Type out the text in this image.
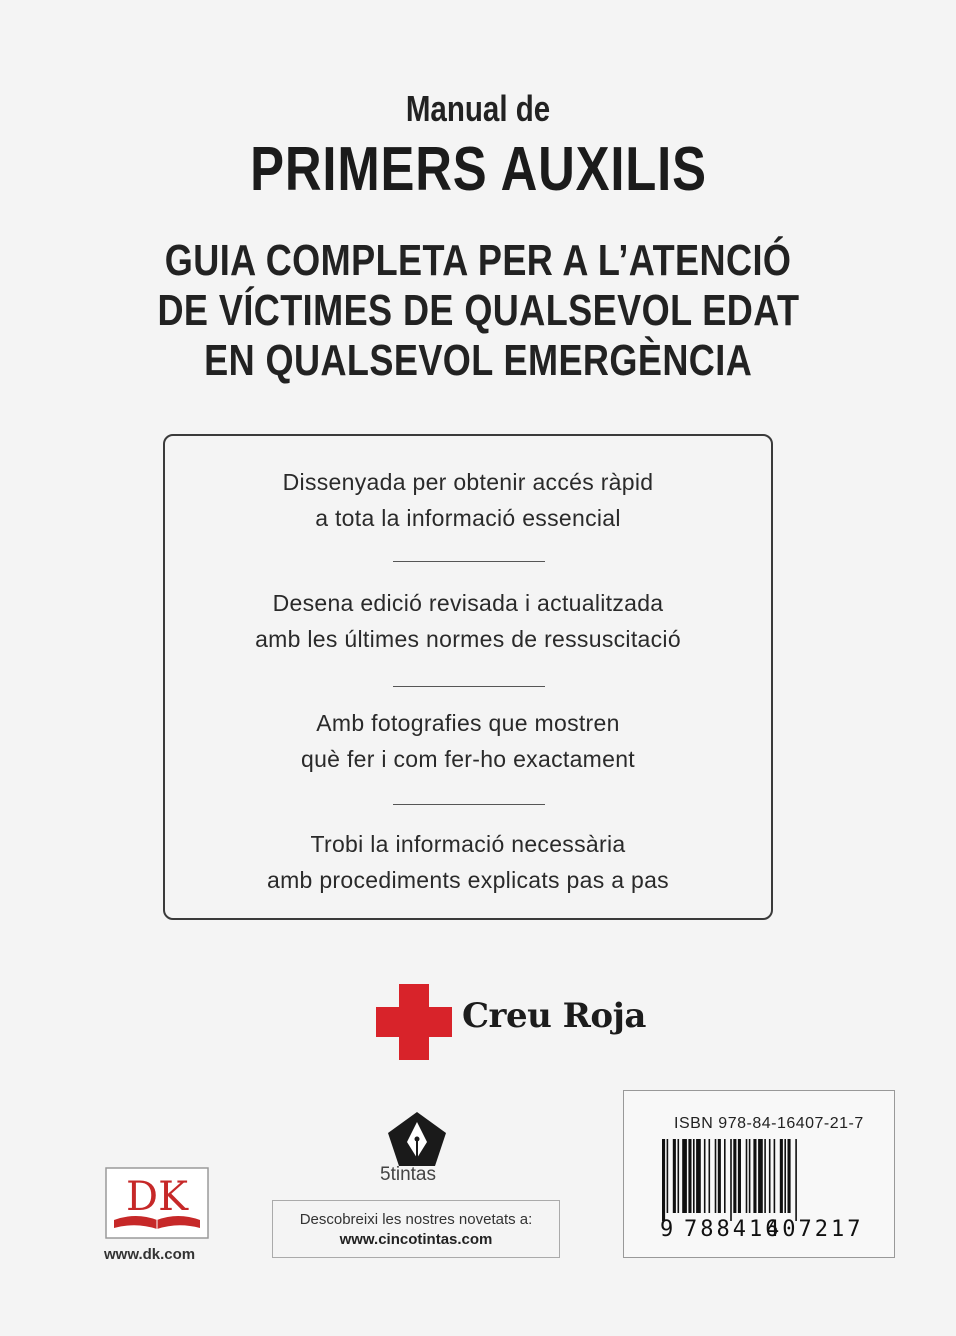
Manual de
PRIMERS AUXILIS
GUIA COMPLETA PER A L’ATENCIÓ
DE VÍCTIMES DE QUALSEVOL EDAT
EN QUALSEVOL EMERGÈNCIA
Dissenyada per obtenir accés ràpid
a tota la informació essencial
Desena edició revisada i actualitzada
amb les últimes normes de ressuscitació
Amb fotografies que mostren
què fer i com fer-ho exactament
Trobi la informació necessària
amb procediments explicats pas a pas
Creu Roja
DK
www.dk.com
5tintas
Descobreixi les nostres novetats a:
www.cincotintas.com
ISBN 978-84-16407-21-7
9 788416
407217
